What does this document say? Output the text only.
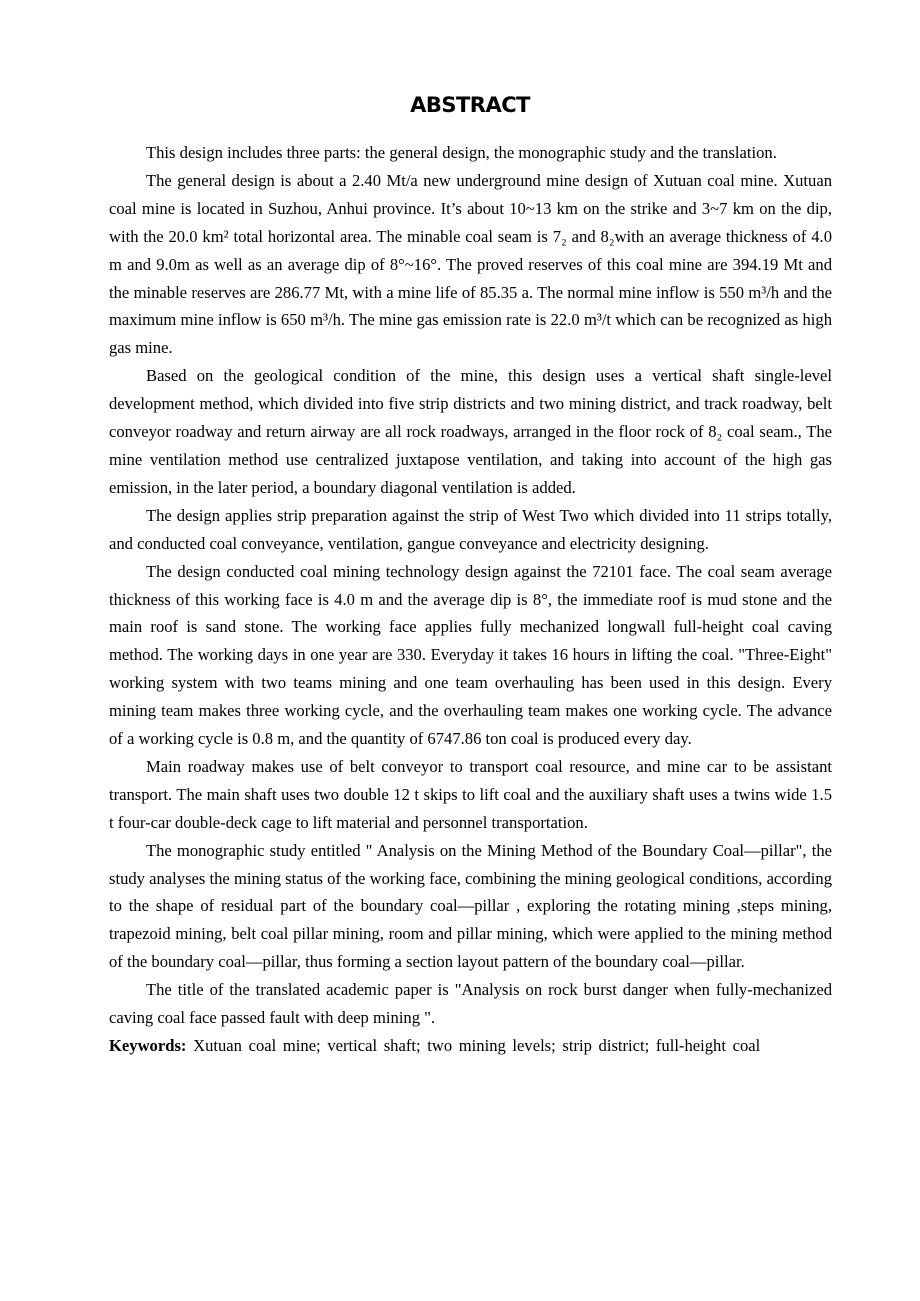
ABSTRACT

This design includes three parts: the general design, the monographic study and the translation.

The general design is about a 2.40 Mt/a new underground mine design of Xutuan coal mine. Xutuan coal mine is located in Suzhou, Anhui province. It’s about 10~13 km on the strike and 3~7 km on the dip, with the 20.0 km² total horizontal area. The minable coal seam is 7₂ and 8₂with an average thickness of 4.0 m and 9.0m as well as an average dip of 8°~16°. The proved reserves of this coal mine are 394.19 Mt and the minable reserves are 286.77 Mt, with a mine life of 85.35 a. The normal mine inflow is 550 m³/h and the maximum mine inflow is 650 m³/h. The mine gas emission rate is 22.0 m³/t which can be recognized as high gas mine.

Based on the geological condition of the mine, this design uses a vertical shaft single-level development method, which divided into five strip districts and two mining district, and track roadway, belt conveyor roadway and return airway are all rock roadways, arranged in the floor rock of 8₂ coal seam., The mine ventilation method use centralized juxtapose ventilation, and taking into account of the high gas emission, in the later period, a boundary diagonal ventilation is added.

The design applies strip preparation against the strip of West Two which divided into 11 strips totally, and conducted coal conveyance, ventilation, gangue conveyance and electricity designing.

The design conducted coal mining technology design against the 72101 face. The coal seam average thickness of this working face is 4.0 m and the average dip is 8°, the immediate roof is mud stone and the main roof is sand stone. The working face applies fully mechanized longwall full-height coal caving method. The working days in one year are 330. Everyday it takes 16 hours in lifting the coal. "Three-Eight" working system with two teams mining and one team overhauling has been used in this design. Every mining team makes three working cycle, and the overhauling team makes one working cycle. The advance of a working cycle is 0.8 m, and the quantity of 6747.86 ton coal is produced every day.

Main roadway makes use of belt conveyor to transport coal resource, and mine car to be assistant transport. The main shaft uses two double 12 t skips to lift coal and the auxiliary shaft uses a twins wide 1.5 t four-car double-deck cage to lift material and personnel transportation.

The monographic study entitled " Analysis on the Mining Method of the Boundary Coal—pillar", the study analyses the mining status of the working face, combining the mining geological conditions, according to the shape of residual part of the boundary coal—pillar , exploring the rotating mining ,steps mining, trapezoid mining, belt coal pillar mining, room and pillar mining, which were applied to the mining method of the boundary coal—pillar, thus forming a section layout pattern of the boundary coal—pillar.

The title of the translated academic paper is "Analysis on rock burst danger when fully-mechanized caving coal face passed fault with deep mining ".

Keywords: Xutuan coal mine; vertical shaft; two mining levels; strip district; full-height coal
